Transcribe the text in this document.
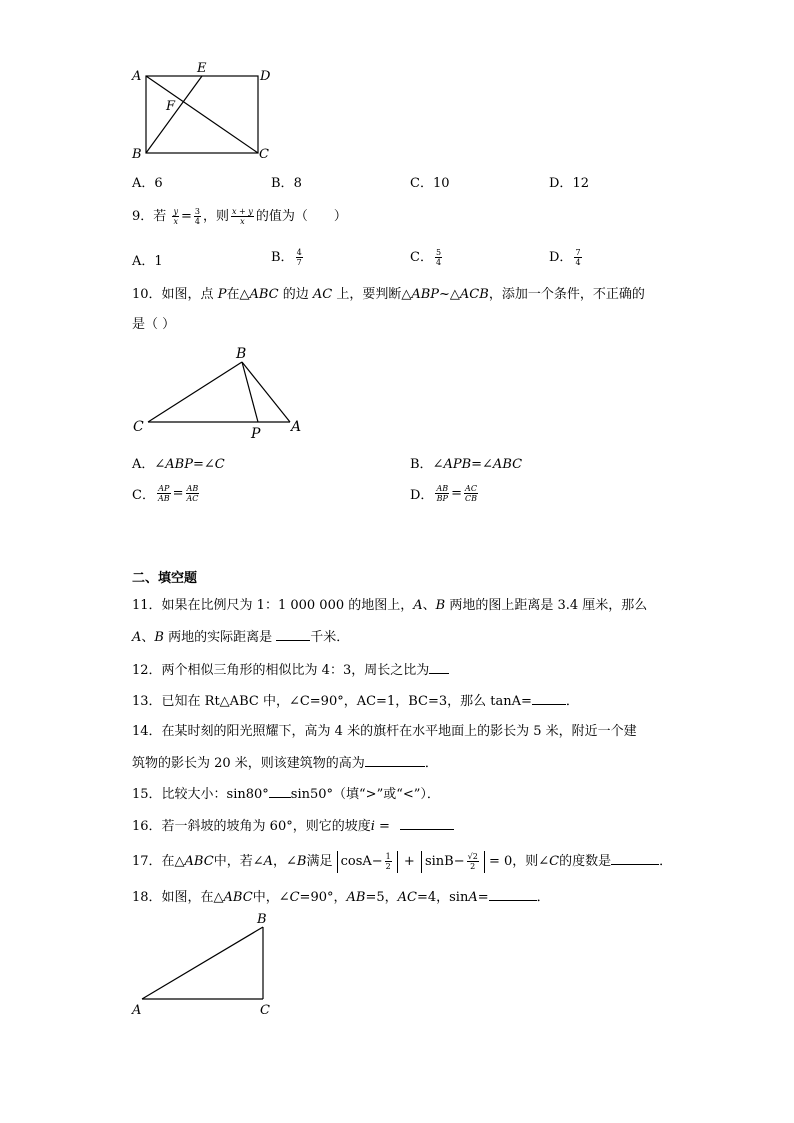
A
E
D
F
B	C
A．6	B．8	C．10	D．12
9．若 $\frac{y}{x} = \frac{3}{4}$ ，则 $\frac{x + y}{x}$ 的值为（　　）
A．1	B． $\frac{4}{7}$	C． $\frac{5}{4}$	D． $\frac{7}{4}$
10．如图，点 P在△ABC 的边 AC 上，要判断△ABP~△ACB，添加一个条件，不正确的
是（ ）
B
C	P A
A．∠ABP=∠C	B．∠APB=∠ABC
C． $\frac{AP}{AB} = \frac{AB}{AC}$	D． $\frac{AB}{BP} = \frac{AC}{CB}$
二、填空题
11．如果在比例尺为 1：1 000 000 的地图上，A、B 两地的图上距离是 3.4 厘米，那么
A、B 两地的实际距离是	千米．
12．两个相似三角形的相似比为 4：3，周长之比为
13．已知在 Rt△ABC 中，∠C=90°，AC=1，BC=3，那么 tanA=	．
14．在某时刻的阳光照耀下，高为 4 米的旗杆在水平地面上的影长为 5 米，附近一个建
筑物的影长为 20 米，则该建筑物的高为	．
15．比较大小：sin80° sin50°（填“>”或“<”）．
16．若一斜坡的坡角为 60°，则它的坡度i =
17．在△ABC中，若∠A，∠B满足 $\cos A- \frac{1}{2} + \sin B- \frac{√2}{2} = 0$，则∠C的度数是	．
18．如图，在△ABC中，∠C=90°，AB=5，AC=4，sinA=	．
B
A	C
